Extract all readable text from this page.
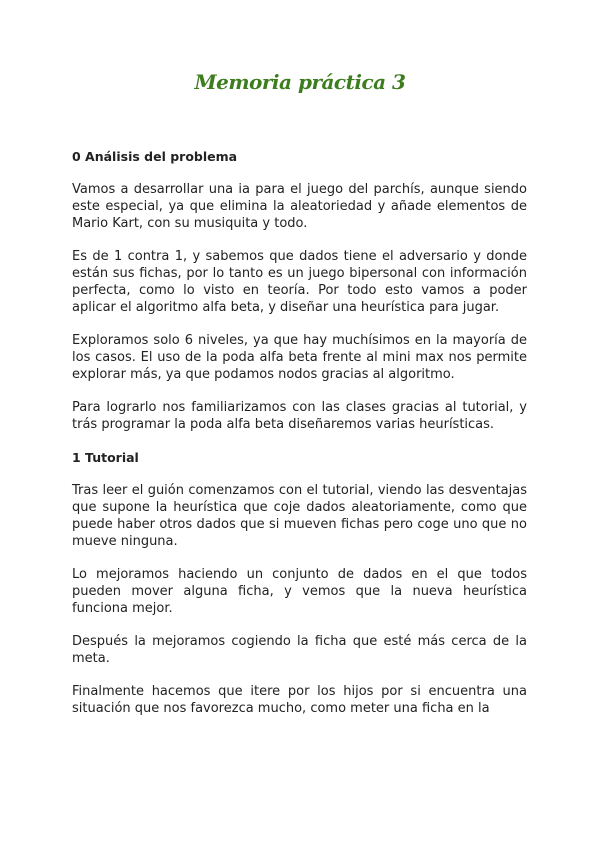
Memoria práctica 3

0 Análisis del problema

Vamos a desarrollar una ia para el juego del parchís, aunque siendo este especial, ya que elimina la aleatoriedad y añade elementos de Mario Kart, con su musiquita y todo.

Es de 1 contra 1, y sabemos que dados tiene el adversario y donde están sus fichas, por lo tanto es un juego bipersonal con información perfecta, como lo visto en teoría. Por todo esto vamos a poder aplicar el algoritmo alfa beta, y diseñar una heurística para jugar.

Exploramos solo 6 niveles, ya que hay muchísimos en la mayoría de los casos. El uso de la poda alfa beta frente al mini max nos permite explorar más, ya que podamos nodos gracias al algoritmo.

Para lograrlo nos familiarizamos con las clases gracias al tutorial, y trás programar la poda alfa beta diseñaremos varias heurísticas.

1 Tutorial

Tras leer el guión comenzamos con el tutorial, viendo las desventajas que supone la heurística que coje dados aleatoriamente, como que puede haber otros dados que si mueven fichas pero coge uno que no mueve ninguna.

Lo mejoramos haciendo un conjunto de dados en el que todos pueden mover alguna ficha, y vemos que la nueva heurística funciona mejor.

Después la mejoramos cogiendo la ficha que esté más cerca de la meta.

Finalmente hacemos que itere por los hijos por si encuentra una situación que nos favorezca mucho, como meter una ficha en la
